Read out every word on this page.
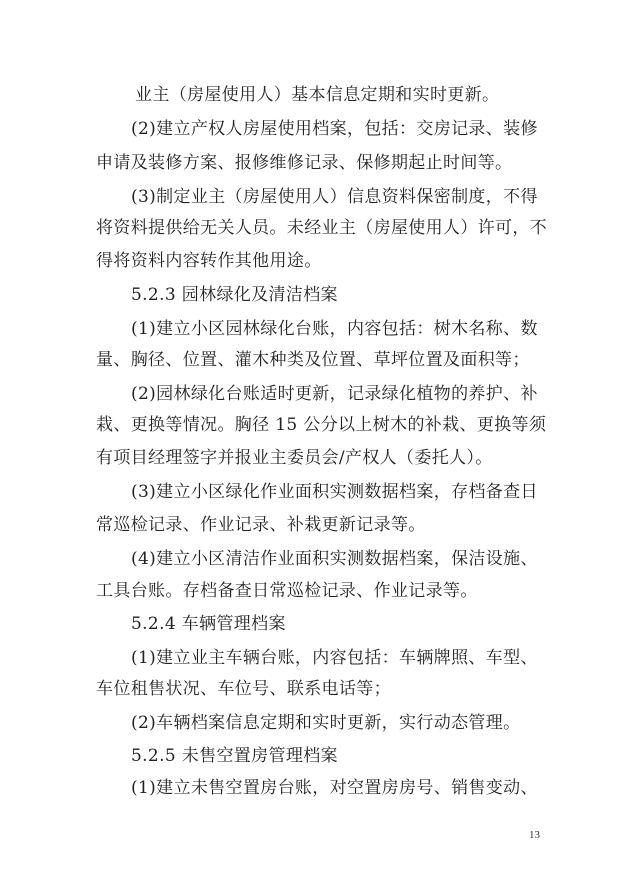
业主（房屋使用人）基本信息定期和实时更新。
(2)建立产权人房屋使用档案，包括：交房记录、装修
申请及装修方案、报修维修记录、保修期起止时间等。
(3)制定业主（房屋使用人）信息资料保密制度，不得
将资料提供给无关人员。未经业主（房屋使用人）许可，不
得将资料内容转作其他用途。
5.2.3 园林绿化及清洁档案
(1)建立小区园林绿化台账，内容包括：树木名称、数
量、胸径、位置、灌木种类及位置、草坪位置及面积等；
(2)园林绿化台账适时更新，记录绿化植物的养护、补
栽、更换等情况。胸径 15 公分以上树木的补栽、更换等须
有项目经理签字并报业主委员会/产权人（委托人）。
(3)建立小区绿化作业面积实测数据档案，存档备查日
常巡检记录、作业记录、补栽更新记录等。
(4)建立小区清洁作业面积实测数据档案，保洁设施、
工具台账。存档备查日常巡检记录、作业记录等。
5.2.4 车辆管理档案
(1)建立业主车辆台账，内容包括：车辆牌照、车型、
车位租售状况、车位号、联系电话等；
(2)车辆档案信息定期和实时更新，实行动态管理。
5.2.5 未售空置房管理档案
(1)建立未售空置房台账，对空置房房号、销售变动、
13
